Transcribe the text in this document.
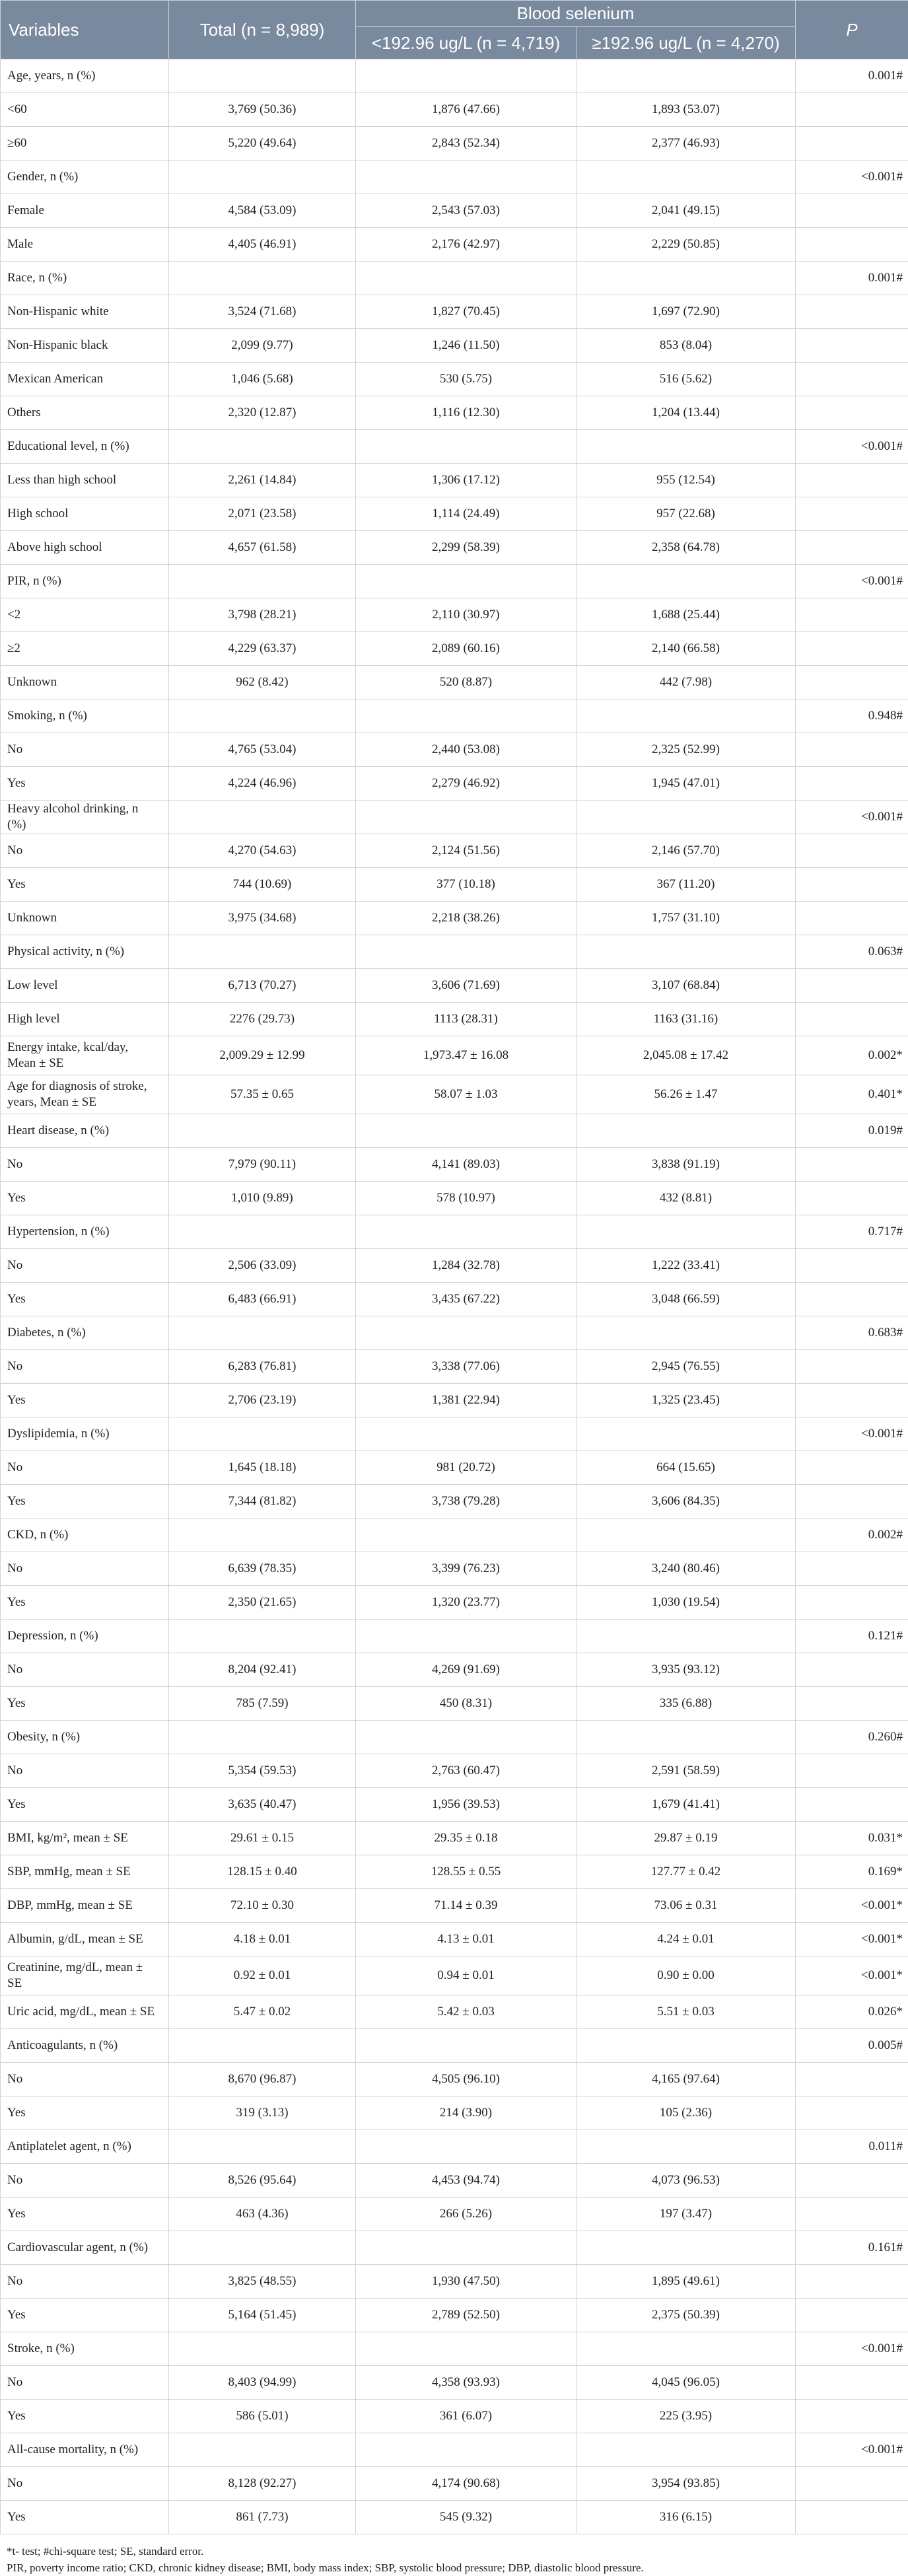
Variables	Total (n = 8,989)	Blood selenium		P
		<192.96 ug/L (n = 4,719)	≥192.96 ug/L (n = 4,270)	
Age, years, n (%)				0.001#
<60	3,769 (50.36)	1,876 (47.66)	1,893 (53.07)	
≥60	5,220 (49.64)	2,843 (52.34)	2,377 (46.93)	
Gender, n (%)				<0.001#
Female	4,584 (53.09)	2,543 (57.03)	2,041 (49.15)	
Male	4,405 (46.91)	2,176 (42.97)	2,229 (50.85)	
Race, n (%)				0.001#
Non-Hispanic white	3,524 (71.68)	1,827 (70.45)	1,697 (72.90)	
Non-Hispanic black	2,099 (9.77)	1,246 (11.50)	853 (8.04)	
Mexican American	1,046 (5.68)	530 (5.75)	516 (5.62)	
Others	2,320 (12.87)	1,116 (12.30)	1,204 (13.44)	
Educational level, n (%)				<0.001#
Less than high school	2,261 (14.84)	1,306 (17.12)	955 (12.54)	
High school	2,071 (23.58)	1,114 (24.49)	957 (22.68)	
Above high school	4,657 (61.58)	2,299 (58.39)	2,358 (64.78)	
PIR, n (%)				<0.001#
<2	3,798 (28.21)	2,110 (30.97)	1,688 (25.44)	
≥2	4,229 (63.37)	2,089 (60.16)	2,140 (66.58)	
Unknown	962 (8.42)	520 (8.87)	442 (7.98)	
Smoking, n (%)				0.948#
No	4,765 (53.04)	2,440 (53.08)	2,325 (52.99)	
Yes	4,224 (46.96)	2,279 (46.92)	1,945 (47.01)	
Heavy alcohol drinking, n (%)				<0.001#
No	4,270 (54.63)	2,124 (51.56)	2,146 (57.70)	
Yes	744 (10.69)	377 (10.18)	367 (11.20)	
Unknown	3,975 (34.68)	2,218 (38.26)	1,757 (31.10)	
Physical activity, n (%)				0.063#
Low level	6,713 (70.27)	3,606 (71.69)	3,107 (68.84)	
High level	2276 (29.73)	1113 (28.31)	1163 (31.16)	
Energy intake, kcal/day, Mean ± SE	2,009.29 ± 12.99	1,973.47 ± 16.08	2,045.08 ± 17.42	0.002*
Age for diagnosis of stroke, years, Mean ± SE	57.35 ± 0.65	58.07 ± 1.03	56.26 ± 1.47	0.401*
Heart disease, n (%)				0.019#
No	7,979 (90.11)	4,141 (89.03)	3,838 (91.19)	
Yes	1,010 (9.89)	578 (10.97)	432 (8.81)	
Hypertension, n (%)				0.717#
No	2,506 (33.09)	1,284 (32.78)	1,222 (33.41)	
Yes	6,483 (66.91)	3,435 (67.22)	3,048 (66.59)	
Diabetes, n (%)				0.683#
No	6,283 (76.81)	3,338 (77.06)	2,945 (76.55)	
Yes	2,706 (23.19)	1,381 (22.94)	1,325 (23.45)	
Dyslipidemia, n (%)				<0.001#
No	1,645 (18.18)	981 (20.72)	664 (15.65)	
Yes	7,344 (81.82)	3,738 (79.28)	3,606 (84.35)	
CKD, n (%)				0.002#
No	6,639 (78.35)	3,399 (76.23)	3,240 (80.46)	
Yes	2,350 (21.65)	1,320 (23.77)	1,030 (19.54)	
Depression, n (%)				0.121#
No	8,204 (92.41)	4,269 (91.69)	3,935 (93.12)	
Yes	785 (7.59)	450 (8.31)	335 (6.88)	
Obesity, n (%)				0.260#
No	5,354 (59.53)	2,763 (60.47)	2,591 (58.59)	
Yes	3,635 (40.47)	1,956 (39.53)	1,679 (41.41)	
BMI, kg/m², mean ± SE	29.61 ± 0.15	29.35 ± 0.18	29.87 ± 0.19	0.031*
SBP, mmHg, mean ± SE	128.15 ± 0.40	128.55 ± 0.55	127.77 ± 0.42	0.169*
DBP, mmHg, mean ± SE	72.10 ± 0.30	71.14 ± 0.39	73.06 ± 0.31	<0.001*
Albumin, g/dL, mean ± SE	4.18 ± 0.01	4.13 ± 0.01	4.24 ± 0.01	<0.001*
Creatinine, mg/dL, mean ± SE	0.92 ± 0.01	0.94 ± 0.01	0.90 ± 0.00	<0.001*
Uric acid, mg/dL, mean ± SE	5.47 ± 0.02	5.42 ± 0.03	5.51 ± 0.03	0.026*
Anticoagulants, n (%)				0.005#
No	8,670 (96.87)	4,505 (96.10)	4,165 (97.64)	
Yes	319 (3.13)	214 (3.90)	105 (2.36)	
Antiplatelet agent, n (%)				0.011#
No	8,526 (95.64)	4,453 (94.74)	4,073 (96.53)	
Yes	463 (4.36)	266 (5.26)	197 (3.47)	
Cardiovascular agent, n (%)				0.161#
No	3,825 (48.55)	1,930 (47.50)	1,895 (49.61)	
Yes	5,164 (51.45)	2,789 (52.50)	2,375 (50.39)	
Stroke, n (%)				<0.001#
No	8,403 (94.99)	4,358 (93.93)	4,045 (96.05)	
Yes	586 (5.01)	361 (6.07)	225 (3.95)	
All-cause mortality, n (%)				<0.001#
No	8,128 (92.27)	4,174 (90.68)	3,954 (93.85)	
Yes	861 (7.73)	545 (9.32)	316 (6.15)	
*t- test; #chi-square test; SE, standard error.
PIR, poverty income ratio; CKD, chronic kidney disease; BMI, body mass index; SBP, systolic blood pressure; DBP, diastolic blood pressure.
